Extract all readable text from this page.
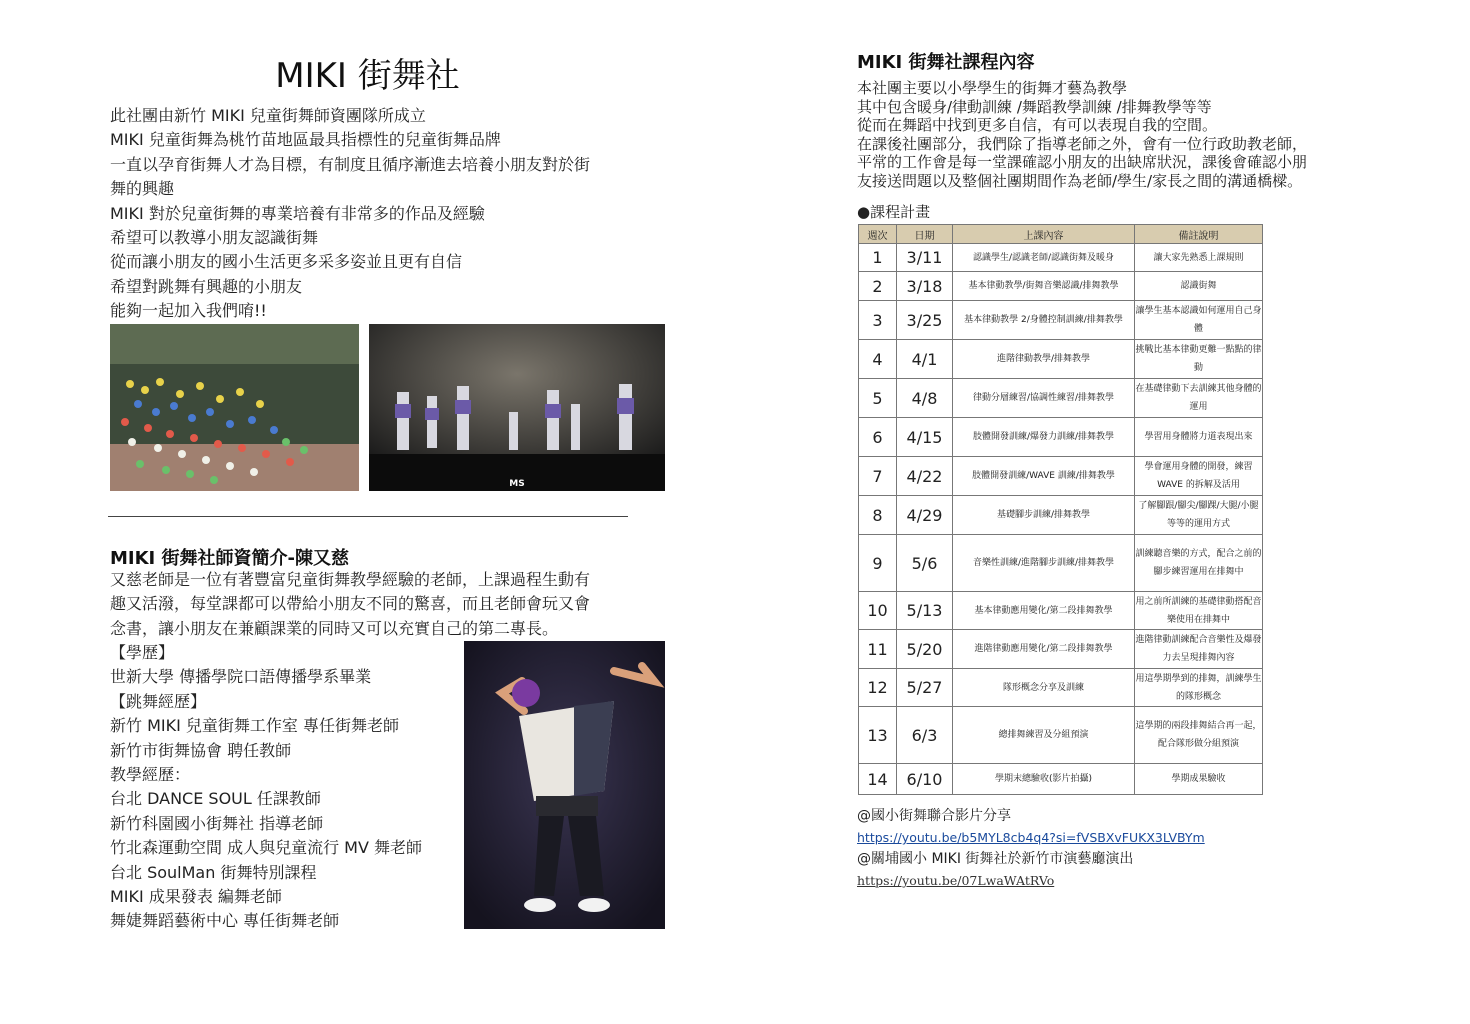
MIKI 街舞社

此社團由新竹 MIKI 兒童街舞師資團隊所成立

MIKI 兒童街舞為桃竹苗地區最具指標性的兒童街舞品牌

一直以孕育街舞人才為目標，有制度且循序漸進去培養小朋友對於街

舞的興趣

MIKI 對於兒童街舞的專業培養有非常多的作品及經驗

希望可以教導小朋友認識街舞

從而讓小朋友的國小生活更多采多姿並且更有自信

希望對跳舞有興趣的小朋友

能夠一起加入我們唷!!

MS
MIKI 街舞社師資簡介-陳又慈

又慈老師是一位有著豐富兒童街舞教學經驗的老師，上課過程生動有

趣又活潑，每堂課都可以帶給小朋友不同的驚喜，而且老師會玩又會

念書，讓小朋友在兼顧課業的同時又可以充實自己的第二專長。

【學歷】

世新大學 傳播學院口語傳播學系畢業

【跳舞經歷】

新竹 MIKI 兒童街舞工作室 專任街舞老師

新竹市街舞協會 聘任教師

教學經歷：

台北 DANCE SOUL 任課教師

新竹科園國小街舞社 指導老師

竹北森運動空間 成人與兒童流行 MV 舞老師

台北 SoulMan 街舞特別課程

MIKI 成果發表 編舞老師

舞婕舞蹈藝術中心 專任街舞老師

MIKI 街舞社課程內容

本社團主要以小學學生的街舞才藝為教學

其中包含暖身/律動訓練 /舞蹈教學訓練 /排舞教學等等

從而在舞蹈中找到更多自信，有可以表現自我的空間。

在課後社團部分，我們除了指導老師之外，會有一位行政助教老師，

平常的工作會是每一堂課確認小朋友的出缺席狀況，課後會確認小朋

友接送問題以及整個社團期間作為老師/學生/家長之間的溝通橋樑。

●課程計畫
週次	日期	上課內容	備註說明
1	3/11	認識學生/認識老師/認識街舞及暖身	讓大家先熟悉上課規則
2	3/18	基本律動教學/街舞音樂認識/排舞教學	認識街舞
3	3/25	基本律動教學 2/身體控制訓練/排舞教學	讓學生基本認識如何運用自己身體
4	4/1	進階律動教學/排舞教學	挑戰比基本律動更難一點點的律動
5	4/8	律動分層練習/協調性練習/排舞教學	在基礎律動下去訓練其他身體的運用
6	4/15	肢體開發訓練/爆發力訓練/排舞教學	學習用身體將力道表現出來
7	4/22	肢體開發訓練/WAVE 訓練/排舞教學	學會運用身體的開發，練習 WAVE 的拆解及活用
8	4/29	基礎腳步訓練/排舞教學	了解腳跟/腳尖/腳踝/大腿/小腿等等的運用方式
9	5/6	音樂性訓練/進階腳步訓練/排舞教學	訓練聽音樂的方式，配合之前的腳步練習運用在排舞中
10	5/13	基本律動應用變化/第二段排舞教學	用之前所訓練的基礎律動搭配音樂使用在排舞中
11	5/20	進階律動應用變化/第二段排舞教學	進階律動訓練配合音樂性及爆發力去呈現排舞內容
12	5/27	隊形概念分享及訓練	用這學期學到的排舞，訓練學生的隊形概念
13	6/3	總排舞練習及分組預演	這學期的兩段排舞結合再一起，配合隊形做分組預演
14	6/10	學期末總驗收(影片拍攝)	學期成果驗收
@國小街舞聯合影片分享
https://youtu.be/b5MYL8cb4q4?si=fVSBXvFUKX3LVBYm
@關埔國小 MIKI 街舞社於新竹市演藝廳演出
https://youtu.be/07LwaWAtRVo
